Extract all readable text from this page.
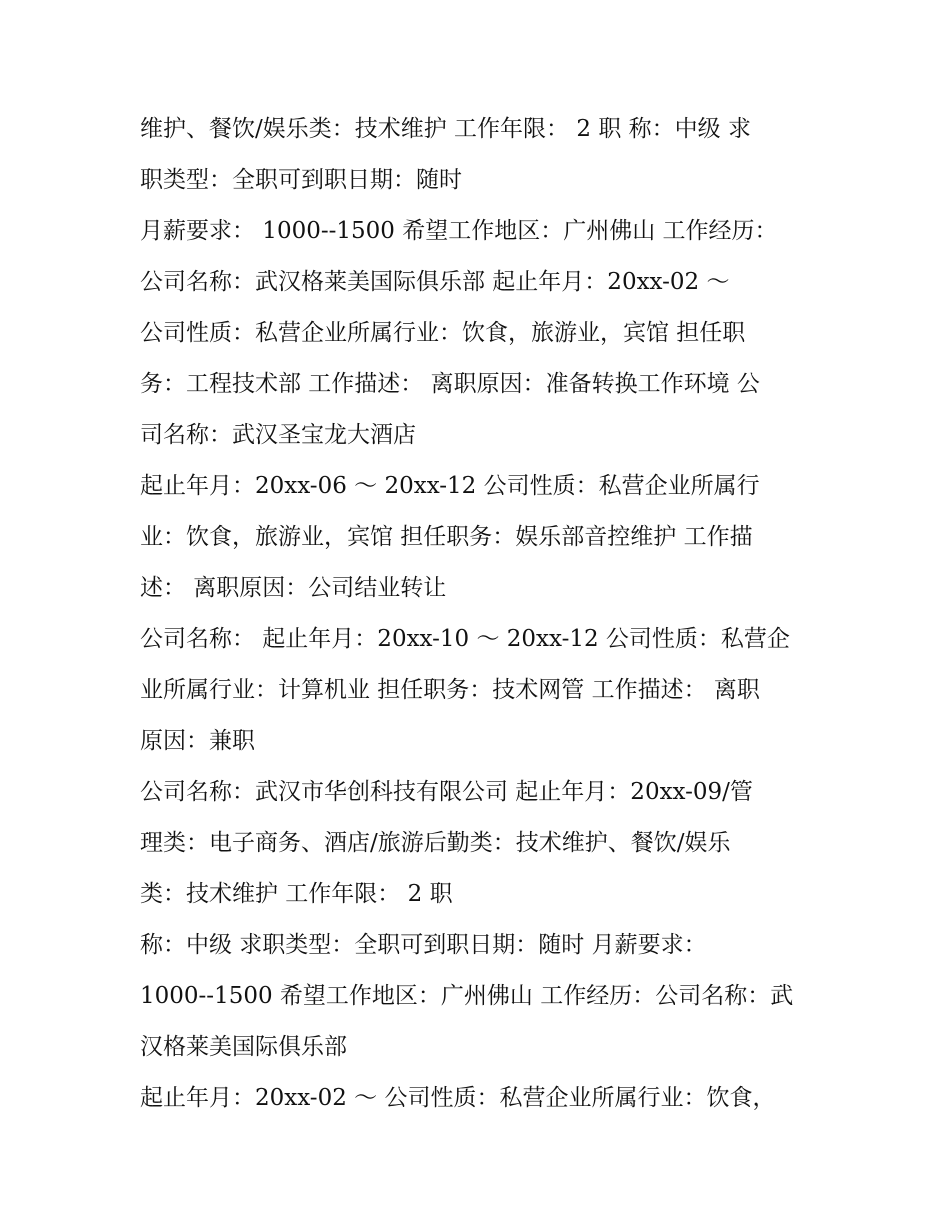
维护、餐饮/娱乐类：技术维护 工作年限： 2 职 称：中级 求
职类型：全职可到职日期：随时
月薪要求： 1000--1500 希望工作地区：广州佛山 工作经历：
公司名称：武汉格莱美国际俱乐部 起止年月：20xx-02 ～
公司性质：私营企业所属行业：饮食，旅游业，宾馆 担任职
务：工程技术部 工作描述： 离职原因：准备转换工作环境 公
司名称：武汉圣宝龙大酒店
起止年月：20xx-06 ～ 20xx-12 公司性质：私营企业所属行
业：饮食，旅游业，宾馆 担任职务：娱乐部音控维护 工作描
述： 离职原因：公司结业转让
公司名称： 起止年月：20xx-10 ～ 20xx-12 公司性质：私营企
业所属行业：计算机业 担任职务：技术网管 工作描述： 离职
原因：兼职
公司名称：武汉市华创科技有限公司 起止年月：20xx-09/管
理类：电子商务、酒店/旅游后勤类：技术维护、餐饮/娱乐
类：技术维护 工作年限： 2 职
称：中级 求职类型：全职可到职日期：随时 月薪要求：
1000--1500 希望工作地区：广州佛山 工作经历：公司名称：武
汉格莱美国际俱乐部
起止年月：20xx-02 ～ 公司性质：私营企业所属行业：饮食，
